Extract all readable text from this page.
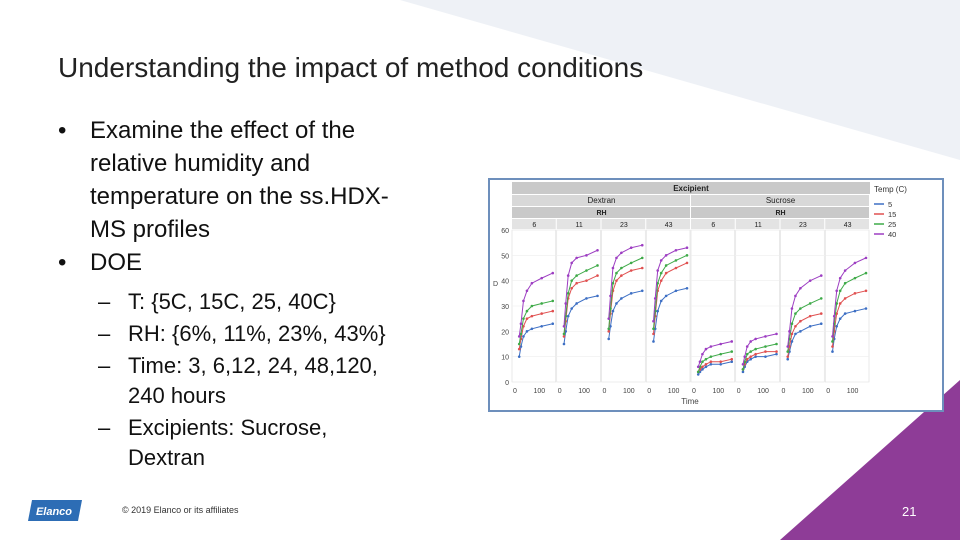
Understanding the impact of method conditions
• Examine the effect of the
relative humidity and
temperature on the ss.HDX-
MS profiles
• DOE
– T: {5C, 15C, 25, 40C}
– RH: {6%, 11%, 23%, 43%}
– Time: 3, 6,12, 24, 48,120,
240 hours
– Excipients: Sucrose,
Dextran
Excipient
Dextran
RH
Sucrose
RH
6
0 100
11
0 100
23
0 100
43
0 100
6
0 100
11
0 100
23
0 100
43
0 100
0
10
20
30
40
50
60
D
Time
Temp (C)
5
15
25
40
Elanco	© 2019 Elanco or its affiliates	21
